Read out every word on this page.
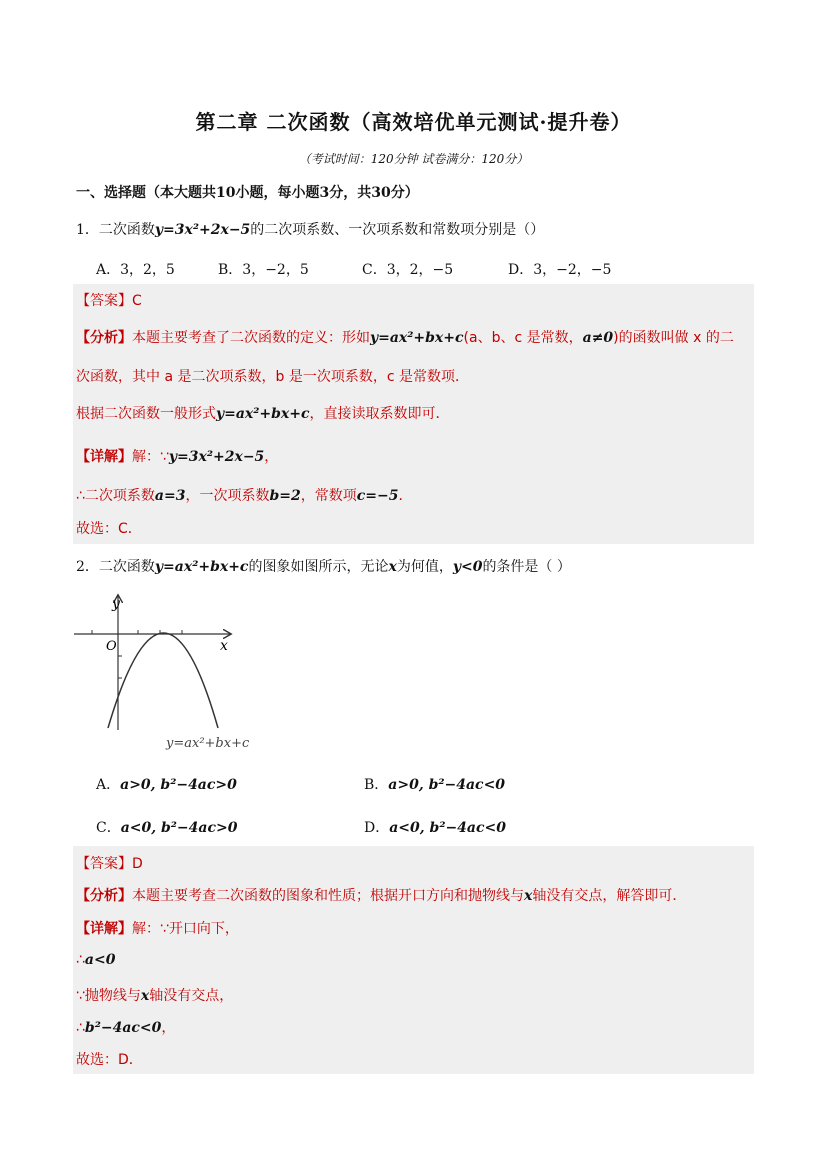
第二章 二次函数（高效培优单元测试·提升卷）
（考试时间：120分钟 试卷满分：120分）
一、选择题（本大题共10小题，每小题3分，共30分）
1．二次函数y=3x²+2x−5的二次项系数、一次项系数和常数项分别是（）
A．3，2，5	B．3，−2，5	C．3，2，−5	D．3，−2，−5
【答案】C
【分析】本题主要考查了二次函数的定义：形如y=ax²+bx+c(a、b、c 是常数，a≠0)的函数叫做 x 的二
次函数，其中 a 是二次项系数，b 是一次项系数，c 是常数项．
根据二次函数一般形式y=ax²+bx+c，直接读取系数即可．
【详解】解：∵y=3x²+2x−5，
∴二次项系数a=3，一次项系数b=2，常数项c=−5．
故选：C．
2．二次函数y=ax²+bx+c的图象如图所示，无论x为何值，y<0的条件是（ ）
y
x
O
y=ax²+bx+c
A．a>0, b²−4ac>0	B．a>0, b²−4ac<0
C．a<0, b²−4ac>0	D．a<0, b²−4ac<0
【答案】D
【分析】本题主要考查二次函数的图象和性质；根据开口方向和抛物线与x轴没有交点，解答即可．
【详解】解：∵开口向下，
∴a<0
∵抛物线与x轴没有交点，
∴b²−4ac<0，
故选：D．
